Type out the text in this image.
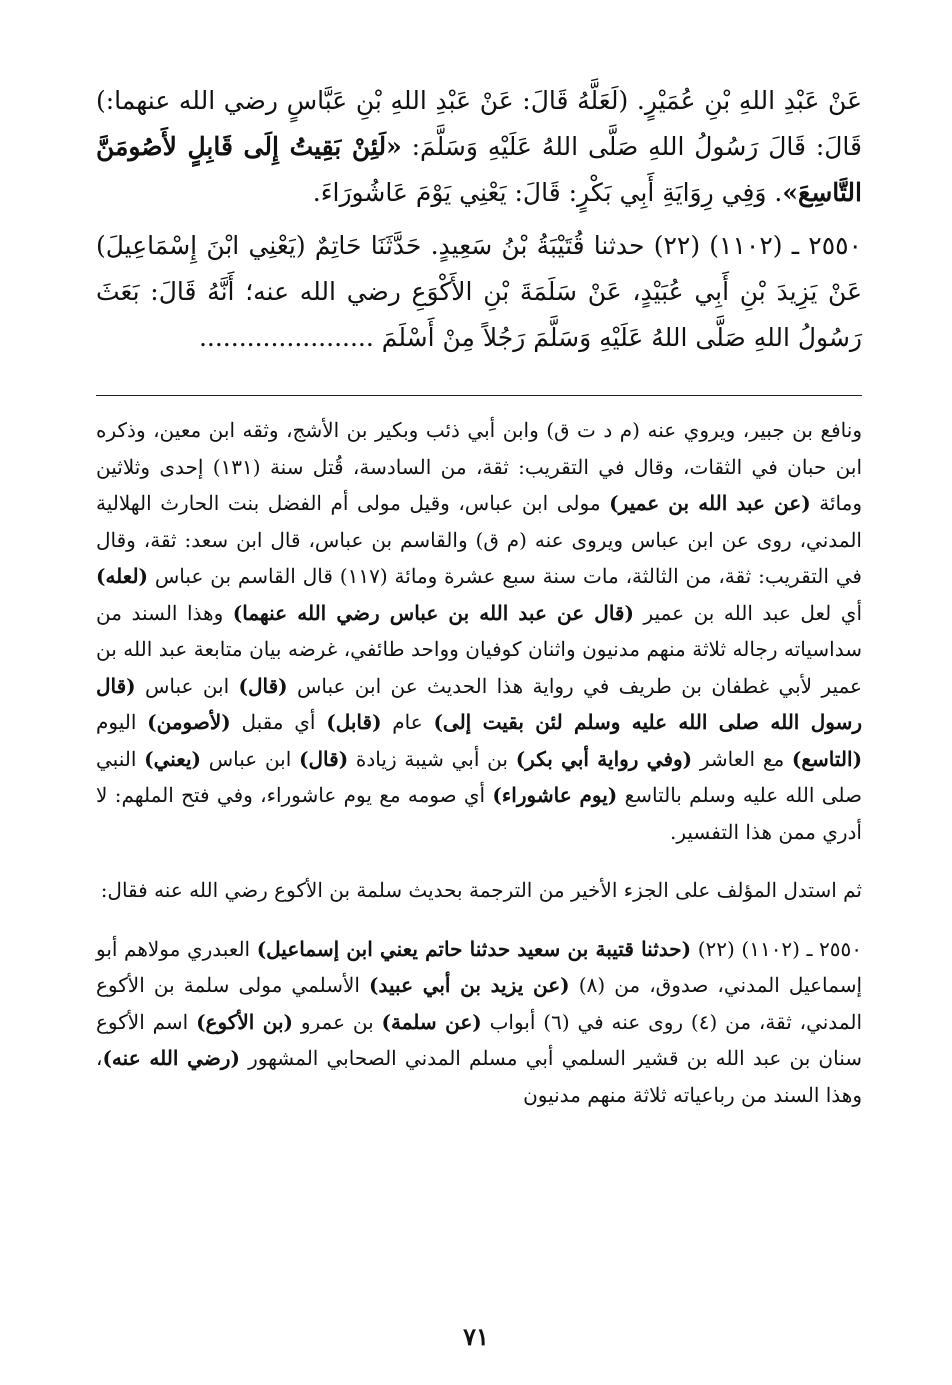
عَنْ عَبْدِ اللهِ بْنِ عُمَيْرٍ. (لَعَلَّهُ قَالَ: عَنْ عَبْدِ اللهِ بْنِ عَبَّاسٍ رضي الله عنهما:) قَالَ: قَالَ رَسُولُ اللهِ صَلَّى اللهُ عَلَيْهِ وَسَلَّمَ: «لَئِنْ بَقِيتُ إِلَى قَابِلٍ لأَصُومَنَّ التَّاسِعَ». وَفِي رِوَايَةِ أَبِي بَكْرٍ: قَالَ: يَعْنِي يَوْمَ عَاشُورَاءَ.

٢٥٥٠ ـ (١١٠٢) (٢٢) حدثنا قُتَيْبَةُ بْنُ سَعِيدٍ. حَدَّثَنَا حَاتِمٌ (يَعْنِي ابْنَ إِسْمَاعِيلَ) عَنْ يَزِيدَ بْنِ أَبِي عُبَيْدٍ، عَنْ سَلَمَةَ بْنِ الأَكْوَعِ رضي الله عنه؛ أَنَّهُ قَالَ: بَعَثَ رَسُولُ اللهِ صَلَّى اللهُ عَلَيْهِ وَسَلَّمَ رَجُلاً مِنْ أَسْلَمَ ......................

ونافع بن جبير، ويروي عنه (م د ت ق) وابن أبي ذئب وبكير بن الأشج، وثقه ابن معين، وذكره ابن حبان في الثقات، وقال في التقريب: ثقة، من السادسة، قُتل سنة (١٣١) إحدى وثلاثين ومائة (عن عبد الله بن عمير) مولى ابن عباس، وقيل مولى أم الفضل بنت الحارث الهلالية المدني، روى عن ابن عباس ويروى عنه (م ق) والقاسم بن عباس، قال ابن سعد: ثقة، وقال في التقريب: ثقة، من الثالثة، مات سنة سبع عشرة ومائة (١١٧) قال القاسم بن عباس (لعله) أي لعل عبد الله بن عمير (قال عن عبد الله بن عباس رضي الله عنهما) وهذا السند من سداسياته رجاله ثلاثة منهم مدنيون واثنان كوفيان وواحد طائفي، غرضه بيان متابعة عبد الله بن عمير لأبي غطفان بن طريف في رواية هذا الحديث عن ابن عباس (قال) ابن عباس (قال رسول الله صلى الله عليه وسلم لئن بقيت إلى) عام (قابل) أي مقبل (لأصومن) اليوم (التاسع) مع العاشر (وفي رواية أبي بكر) بن أبي شيبة زيادة (قال) ابن عباس (يعني) النبي صلى الله عليه وسلم بالتاسع (يوم عاشوراء) أي صومه مع يوم عاشوراء، وفي فتح الملهم: لا أدري ممن هذا التفسير.

ثم استدل المؤلف على الجزء الأخير من الترجمة بحديث سلمة بن الأكوع رضي الله عنه فقال:

٢٥٥٠ ـ (١١٠٢) (٢٢) (حدثنا قتيبة بن سعيد حدثنا حاتم يعني ابن إسماعيل) العبدري مولاهم أبو إسماعيل المدني، صدوق، من (٨) (عن يزيد بن أبي عبيد) الأسلمي مولى سلمة بن الأكوع المدني، ثقة، من (٤) روى عنه في (٦) أبواب (عن سلمة) بن عمرو (بن الأكوع) اسم الأكوع سنان بن عبد الله بن قشير السلمي أبي مسلم المدني الصحابي المشهور (رضي الله عنه)، وهذا السند من رباعياته ثلاثة منهم مدنيون

٧١
